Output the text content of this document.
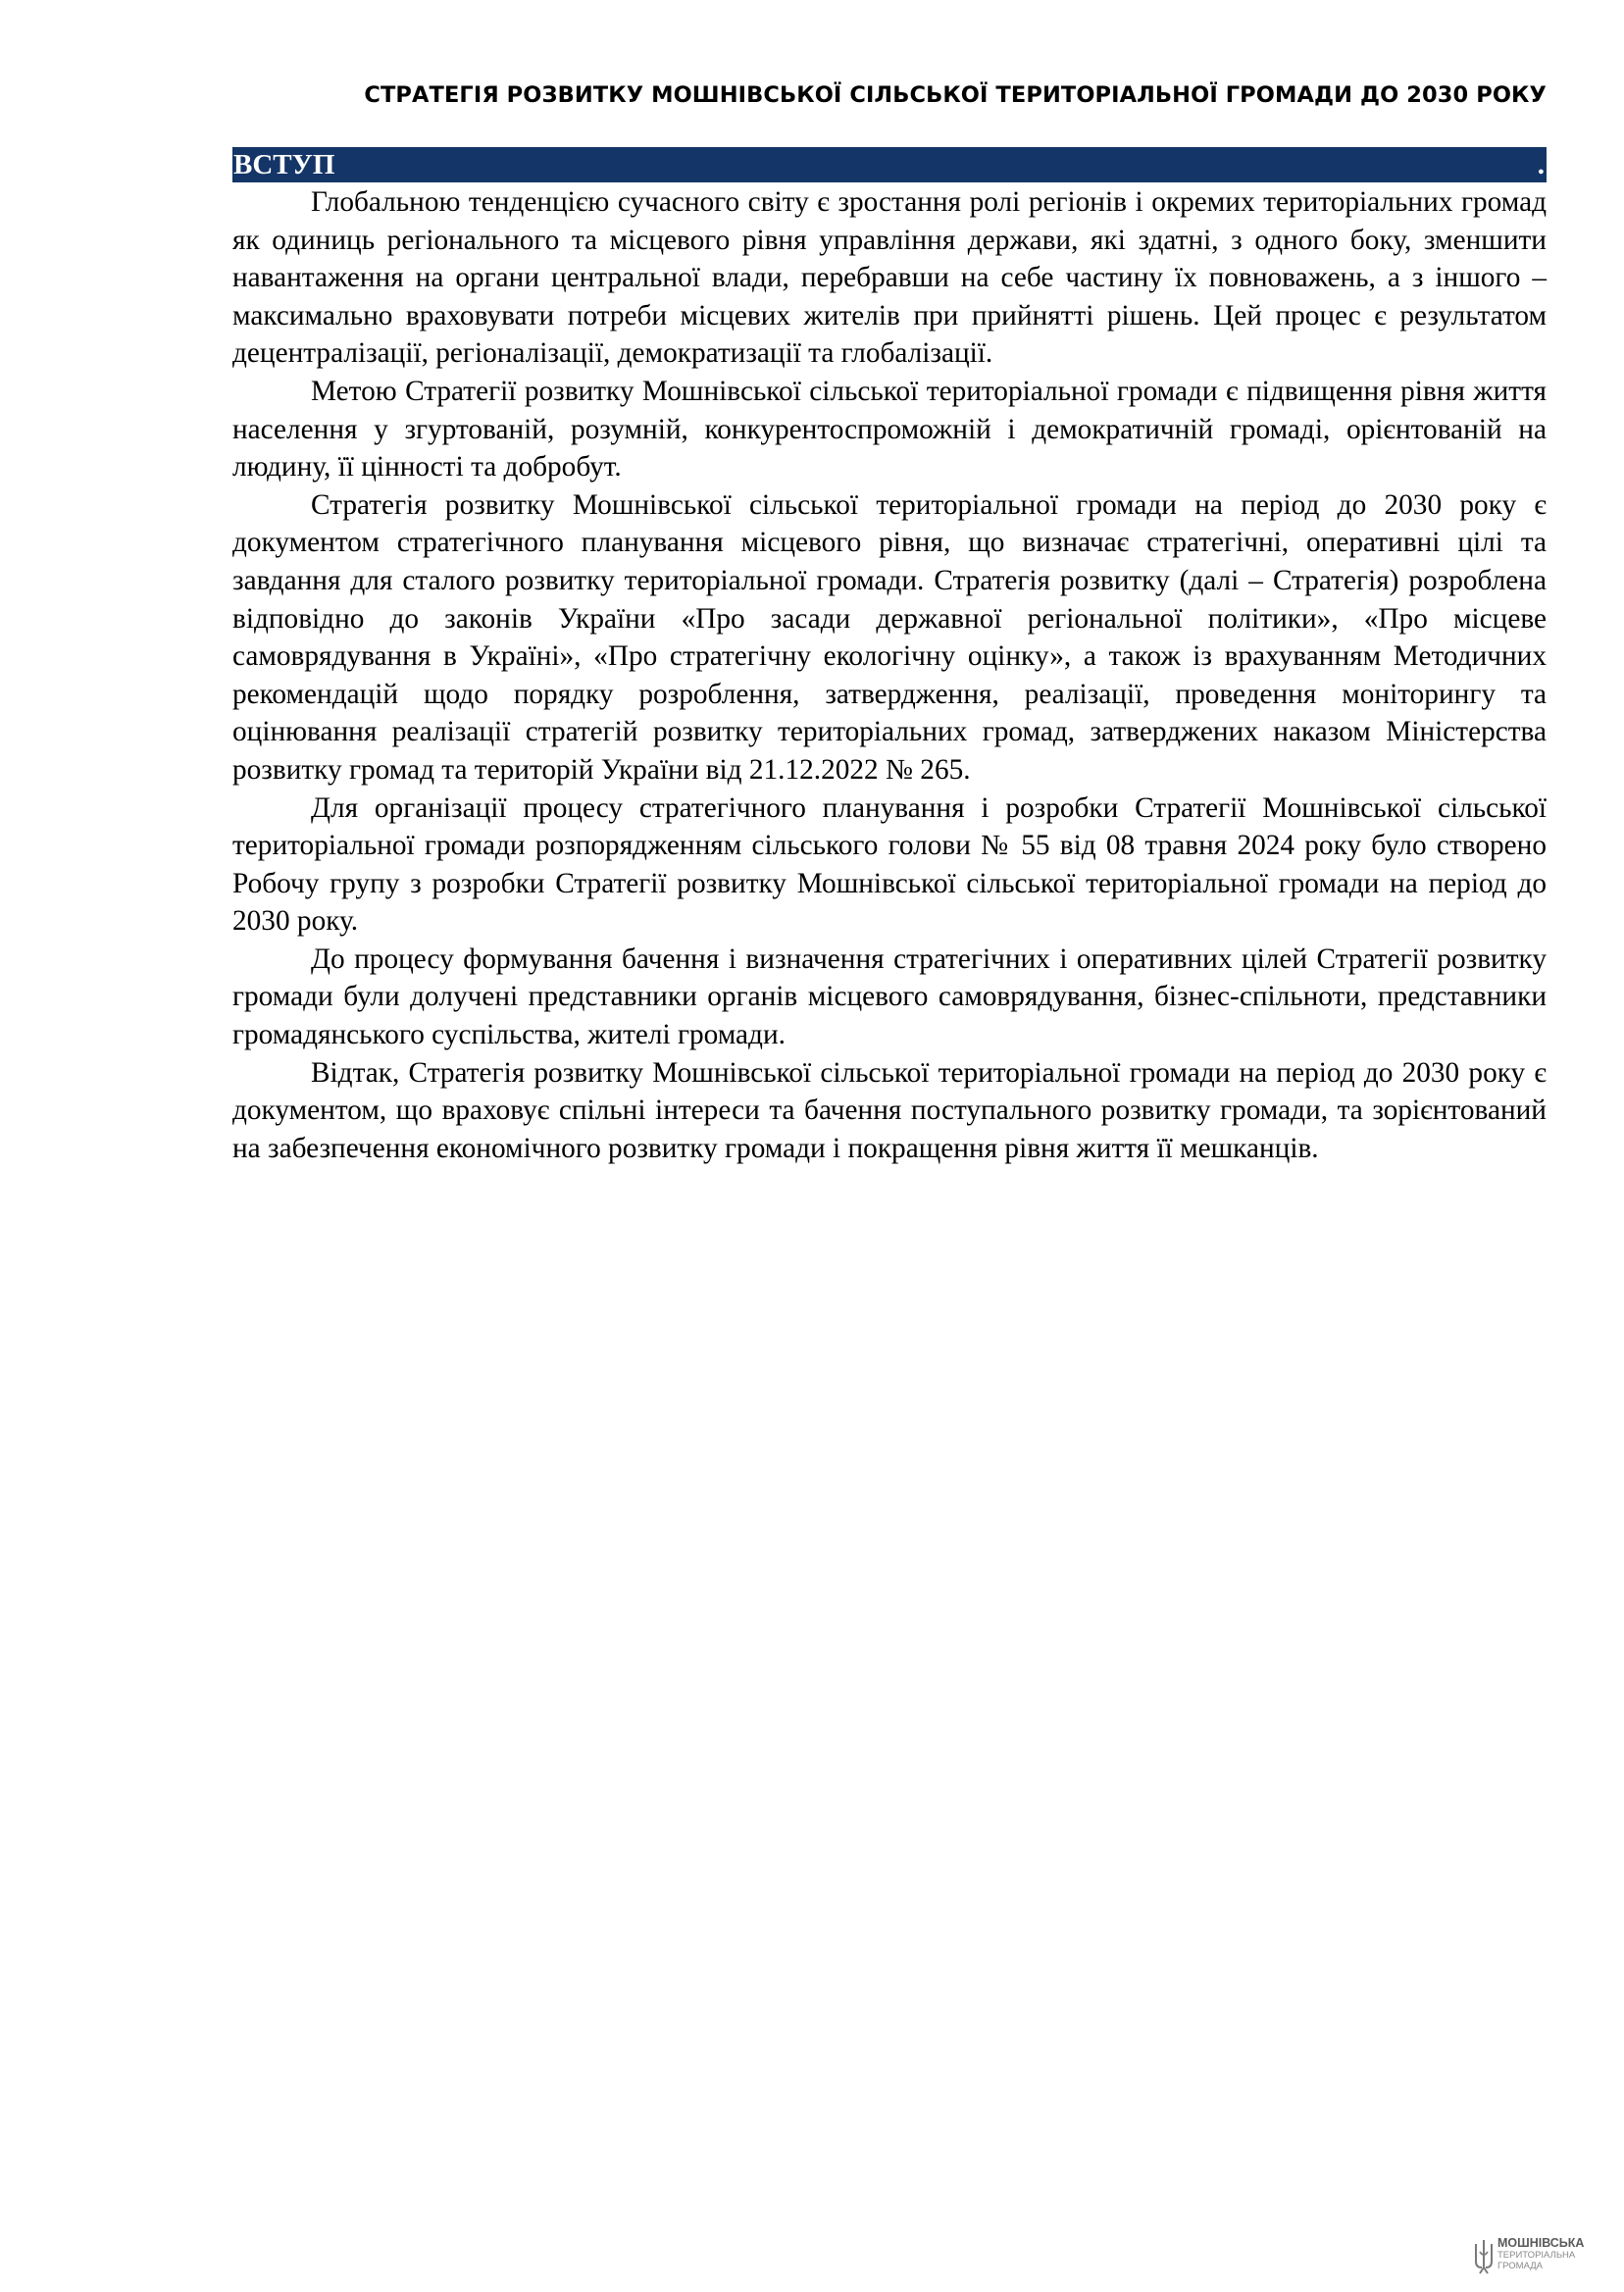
СТРАТЕГІЯ РОЗВИТКУ МОШНІВСЬКОЇ СІЛЬСЬКОЇ ТЕРИТОРІАЛЬНОЇ ГРОМАДИ ДО 2030 РОКУ
ВСТУП	.

Глобальною тенденцією сучасного світу є зростання ролі регіонів і окремих територіальних громад як одиниць регіонального та місцевого рівня управління держави, які здатні, з одного боку, зменшити навантаження на органи центральної влади, перебравши на себе частину їх повноважень, а з іншого – максимально враховувати потреби місцевих жителів при прийнятті рішень. Цей процес є результатом децентралізації, регіоналізації, демократизації та глобалізації.

Метою Стратегії розвитку Мошнівської сільської територіальної громади є підвищення рівня життя населення у згуртованій, розумній, конкурентоспроможній і демократичній громаді, орієнтованій на людину, її цінності та добробут.

Стратегія розвитку Мошнівської сільської територіальної громади на період до 2030 року є документом стратегічного планування місцевого рівня, що визначає стратегічні, оперативні цілі та завдання для сталого розвитку територіальної громади. Стратегія розвитку (далі – Стратегія) розроблена відповідно до законів України «Про засади державної регіональної політики», «Про місцеве самоврядування в Україні», «Про стратегічну екологічну оцінку», а також із врахуванням Методичних рекомендацій щодо порядку розроблення, затвердження, реалізації, проведення моніторингу та оцінювання реалізації стратегій розвитку територіальних громад, затверджених наказом Міністерства розвитку громад та територій України від 21.12.2022 № 265.

Для організації процесу стратегічного планування і розробки Стратегії Мошнівської сільської територіальної громади розпорядженням сільського голови № 55 від 08 травня 2024 року було створено Робочу групу з розробки Стратегії розвитку Мошнівської сільської територіальної громади на період до 2030 року.

До процесу формування бачення і визначення стратегічних і оперативних цілей Стратегії розвитку громади були долучені представники органів місцевого самоврядування, бізнес-спільноти, представники громадянського суспільства, жителі громади.

Відтак, Стратегія розвитку Мошнівської сільської територіальної громади на період до 2030 року є документом, що враховує спільні інтереси та бачення поступального розвитку громади, та зорієнтований на забезпечення економічного розвитку громади і покращення рівня життя її мешканців.

МОШНІВСЬКА
ТЕРИТОРІАЛЬНА
ГРОМАДА
